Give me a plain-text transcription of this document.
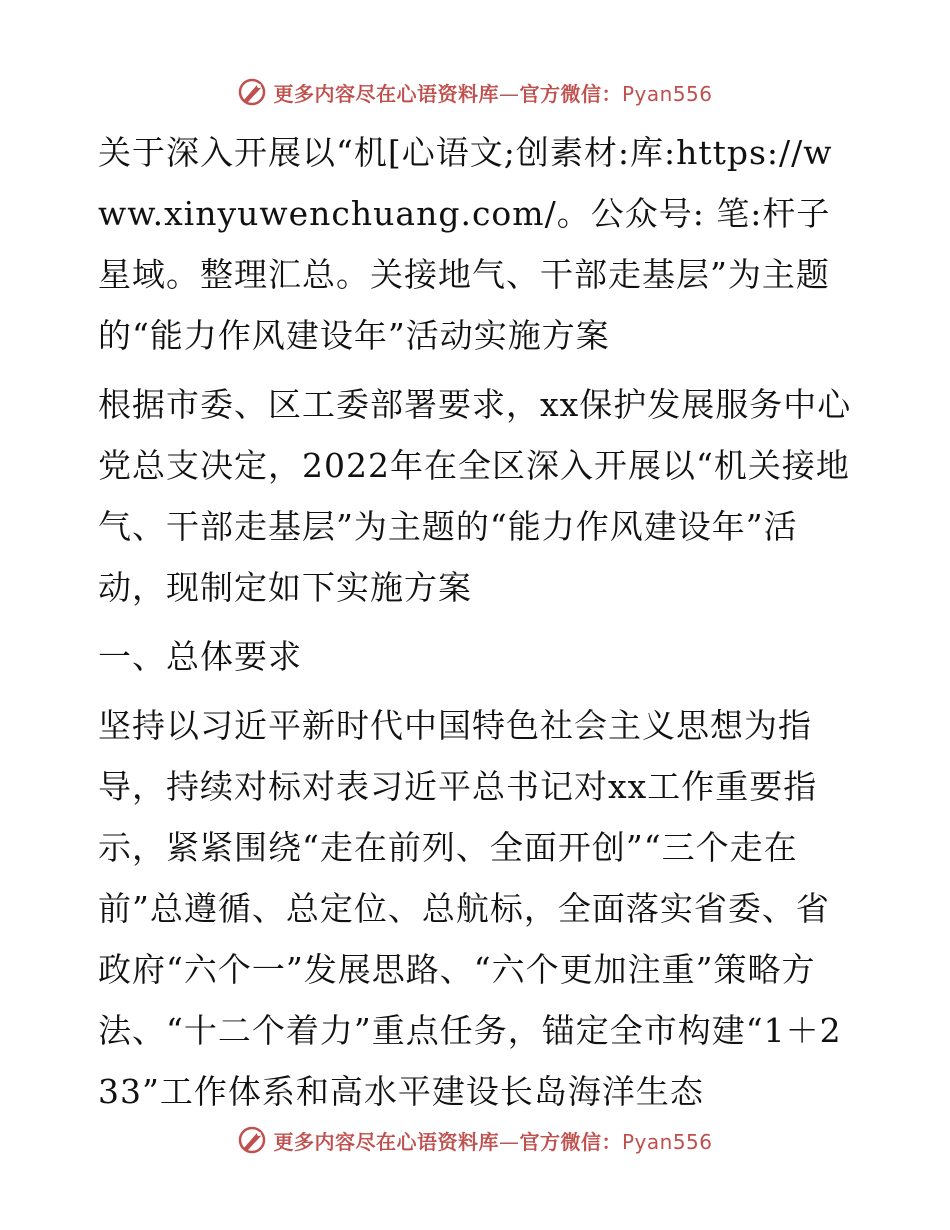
更多内容尽在心语资料库—官方微信：Pyan556

关于深入开展以“机[心语文;创素材:库:https://www.xinyuwenchuang.com/。公众号: 笔:杆子星域。整理汇总。关接地气、干部走基层”为主题的“能力作风建设年”活动实施方案

根据市委、区工委部署要求，xx保护发展服务中心党总支决定，2022年在全区深入开展以“机关接地气、干部走基层”为主题的“能力作风建设年”活动，现制定如下实施方案

一、总体要求

坚持以习近平新时代中国特色社会主义思想为指导，持续对标对表习近平总书记对xx工作重要指示，紧紧围绕“走在前列、全面开创”“三个走在前”总遵循、总定位、总航标，全面落实省委、省政府“六个一”发展思路、“六个更加注重”策略方法、“十二个着力”重点任务，锚定全市构建“1＋233”工作体系和高水平建设长岛海洋生态

更多内容尽在心语资料库—官方微信：Pyan556
